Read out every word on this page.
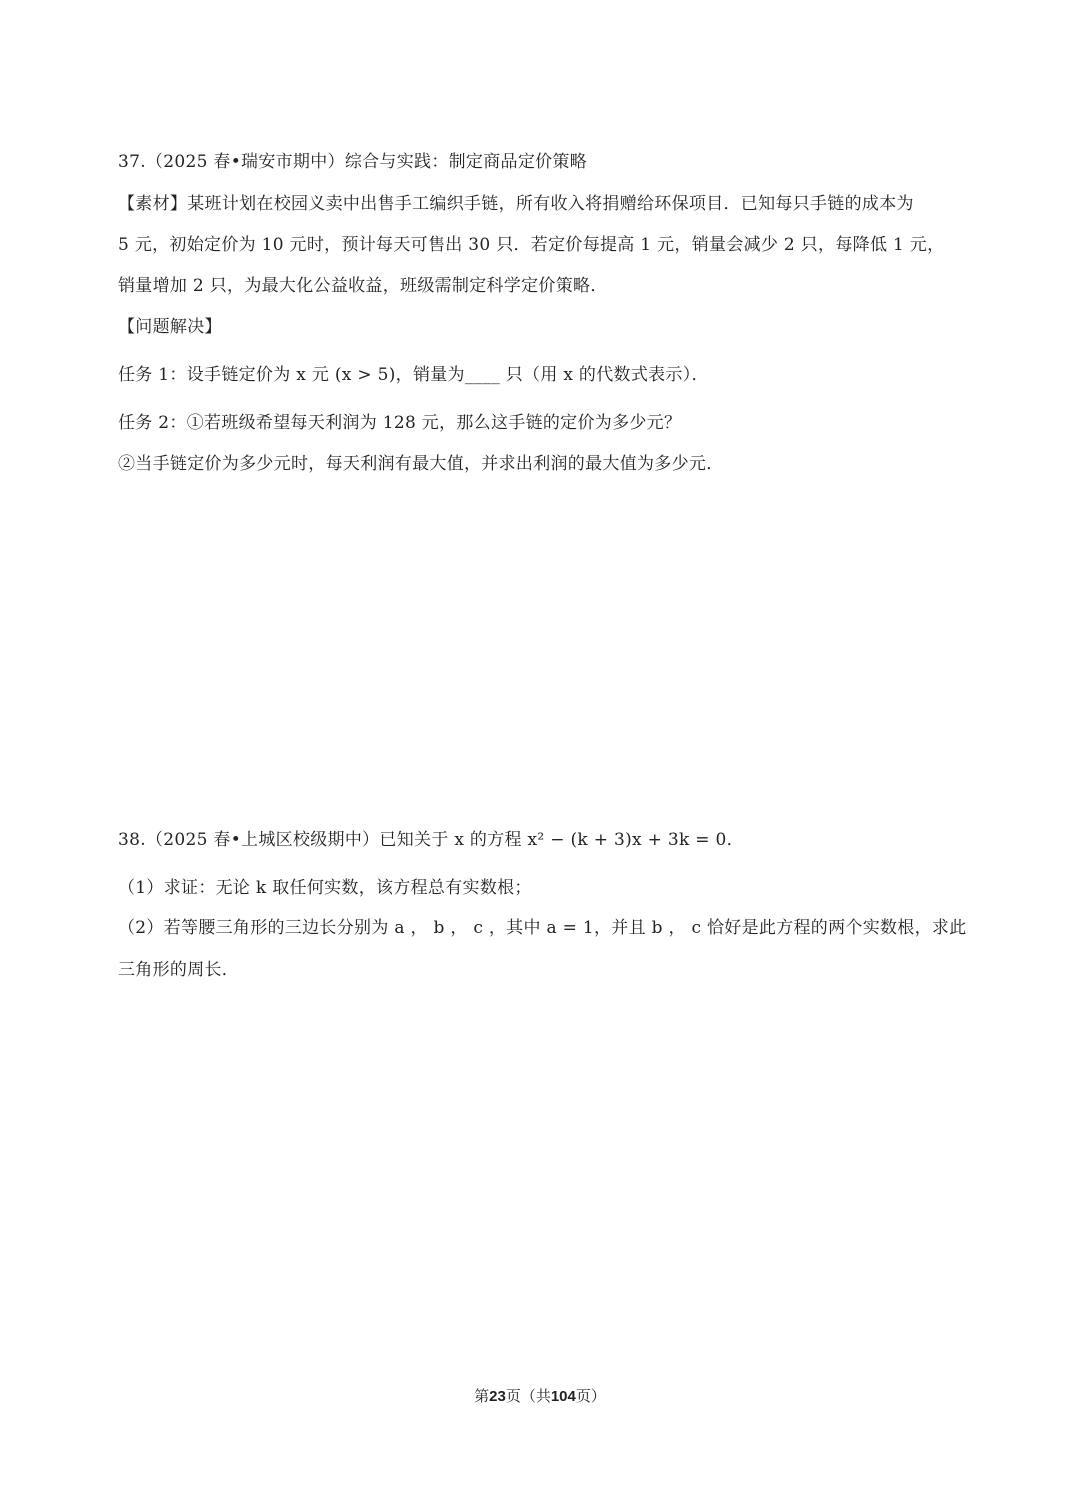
37.（2025 春•瑞安市期中）综合与实践：制定商品定价策略
【素材】某班计划在校园义卖中出售手工编织手链，所有收入将捐赠给环保项目．已知每只手链的成本为
5 元，初始定价为 10 元时，预计每天可售出 30 只．若定价每提高 1 元，销量会减少 2 只，每降低 1 元，
销量增加 2 只，为最大化公益收益，班级需制定科学定价策略．
【问题解决】
任务 1：设手链定价为 x 元 (x > 5)，销量为____ 只（用 x 的代数式表示）．
任务 2：①若班级希望每天利润为 128 元，那么这手链的定价为多少元？
②当手链定价为多少元时，每天利润有最大值，并求出利润的最大值为多少元．
38.（2025 春•上城区校级期中）已知关于 x 的方程 x² − (k + 3)x + 3k = 0．
（1）求证：无论 k 取任何实数，该方程总有实数根；
（2）若等腰三角形的三边长分别为 a ， b ， c ，其中 a = 1，并且 b ， c 恰好是此方程的两个实数根，求此
三角形的周长．
第23页（共104页）
